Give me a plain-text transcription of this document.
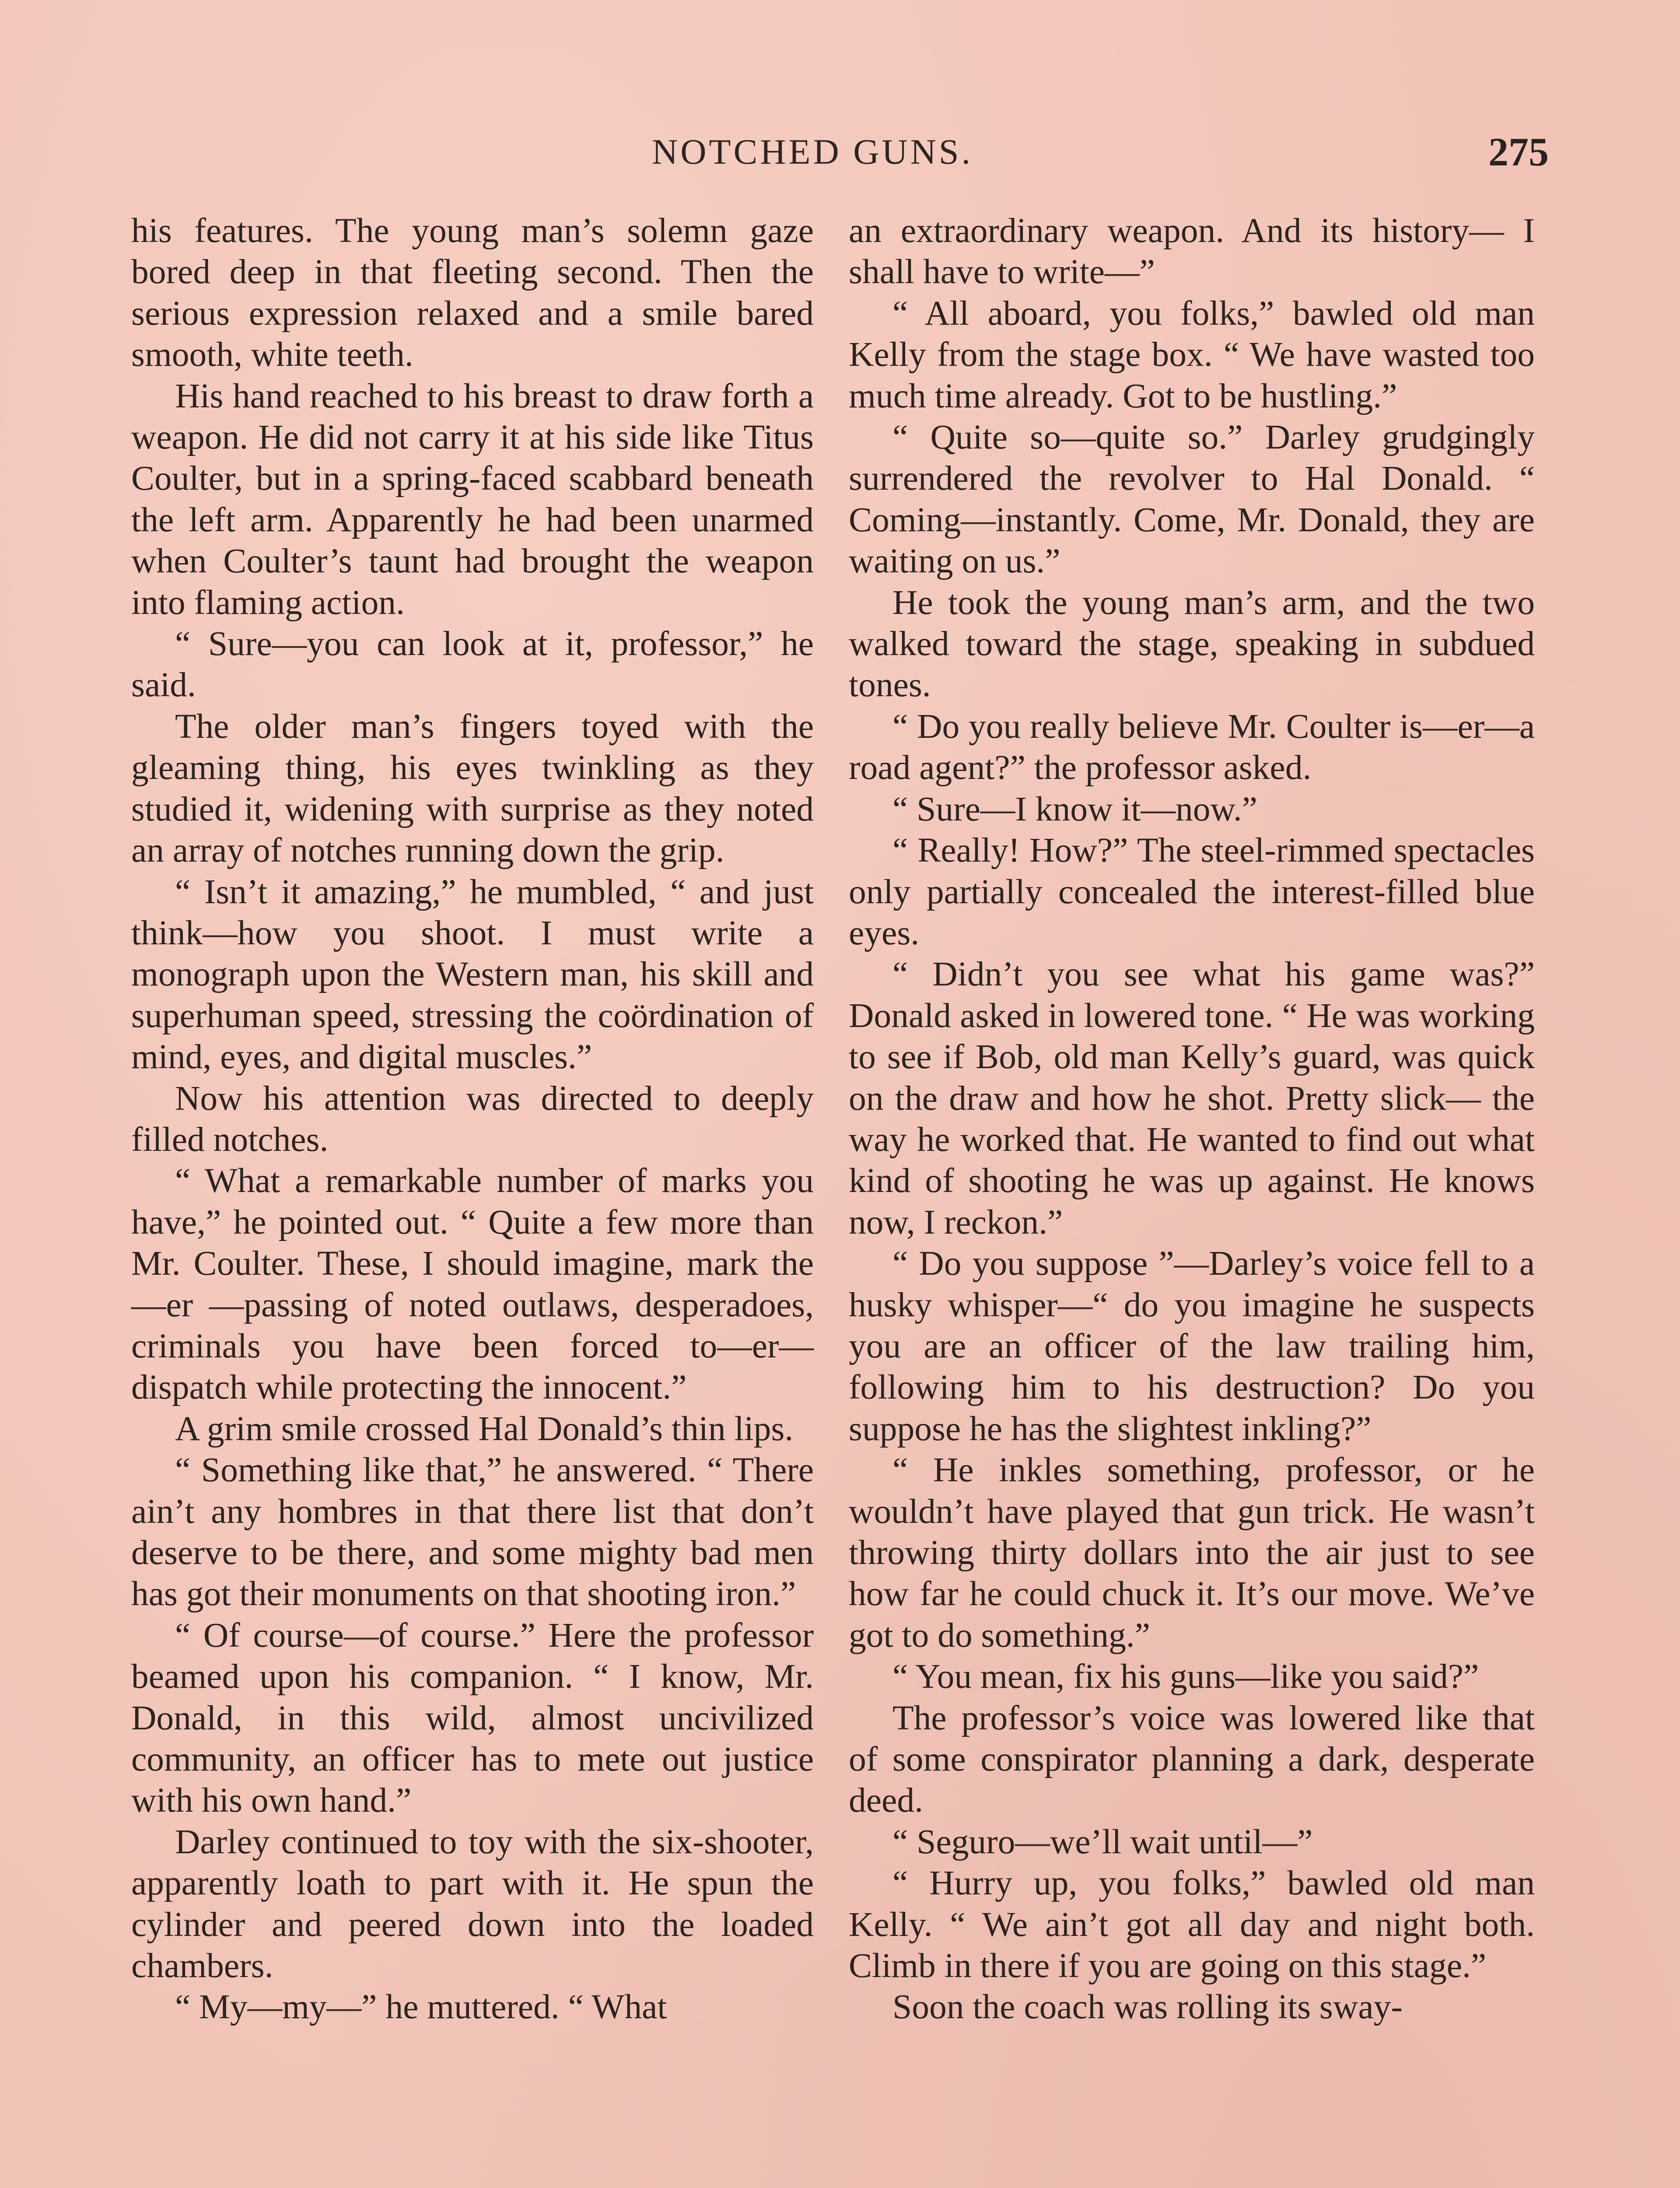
NOTCHED GUNS.	275

his features. The young man’s solemn gaze bored deep in that fleeting second. Then the serious expression relaxed and a smile bared smooth, white teeth.

His hand reached to his breast to draw forth a weapon. He did not carry it at his side like Titus Coulter, but in a spring-faced scabbard beneath the left arm. Apparently he had been unarmed when Coulter’s taunt had brought the weapon into flaming action.

“ Sure—you can look at it, professor,” he said.

The older man’s fingers toyed with the gleaming thing, his eyes twinkling as they studied it, widening with surprise as they noted an array of notches running down the grip.

“ Isn’t it amazing,” he mumbled, “ and just think—how you shoot. I must write a monograph upon the Western man, his skill and superhuman speed, stressing the coördination of mind, eyes, and digital muscles.”

Now his attention was directed to deeply filled notches.

“ What a remarkable number of marks you have,” he pointed out. “ Quite a few more than Mr. Coulter. These, I should imagine, mark the—er —passing of noted outlaws, desperadoes, criminals you have been forced to—er—dispatch while protecting the innocent.”

A grim smile crossed Hal Donald’s thin lips.

“ Something like that,” he answered. “ There ain’t any hombres in that there list that don’t deserve to be there, and some mighty bad men has got their monuments on that shooting iron.”

“ Of course—of course.” Here the professor beamed upon his companion. “ I know, Mr. Donald, in this wild, almost uncivilized community, an officer has to mete out justice with his own hand.”

Darley continued to toy with the six-shooter, apparently loath to part with it. He spun the cylinder and peered down into the loaded chambers.

“ My—my—” he muttered. “ What

an extraordinary weapon. And its history— I shall have to write—”

“ All aboard, you folks,” bawled old man Kelly from the stage box. “ We have wasted too much time already. Got to be hustling.”

“ Quite so—quite so.” Darley grudgingly surrendered the revolver to Hal Donald. “ Coming—instantly. Come, Mr. Donald, they are waiting on us.”

He took the young man’s arm, and the two walked toward the stage, speaking in subdued tones.

“ Do you really believe Mr. Coulter is—er—a road agent?” the professor asked.

“ Sure—I know it—now.”

“ Really! How?” The steel-rimmed spectacles only partially concealed the interest-filled blue eyes.

“ Didn’t you see what his game was?” Donald asked in lowered tone. “ He was working to see if Bob, old man Kelly’s guard, was quick on the draw and how he shot. Pretty slick— the way he worked that. He wanted to find out what kind of shooting he was up against. He knows now, I reckon.”

“ Do you suppose ”—Darley’s voice fell to a husky whisper—“ do you imagine he suspects you are an officer of the law trailing him, following him to his destruction? Do you suppose he has the slightest inkling?”

“ He inkles something, professor, or he wouldn’t have played that gun trick. He wasn’t throwing thirty dollars into the air just to see how far he could chuck it. It’s our move. We’ve got to do something.”

“ You mean, fix his guns—like you said?”

The professor’s voice was lowered like that of some conspirator planning a dark, desperate deed.

“ Seguro—we’ll wait until—”

“ Hurry up, you folks,” bawled old man Kelly. “ We ain’t got all day and night both. Climb in there if you are going on this stage.”

Soon the coach was rolling its sway-
